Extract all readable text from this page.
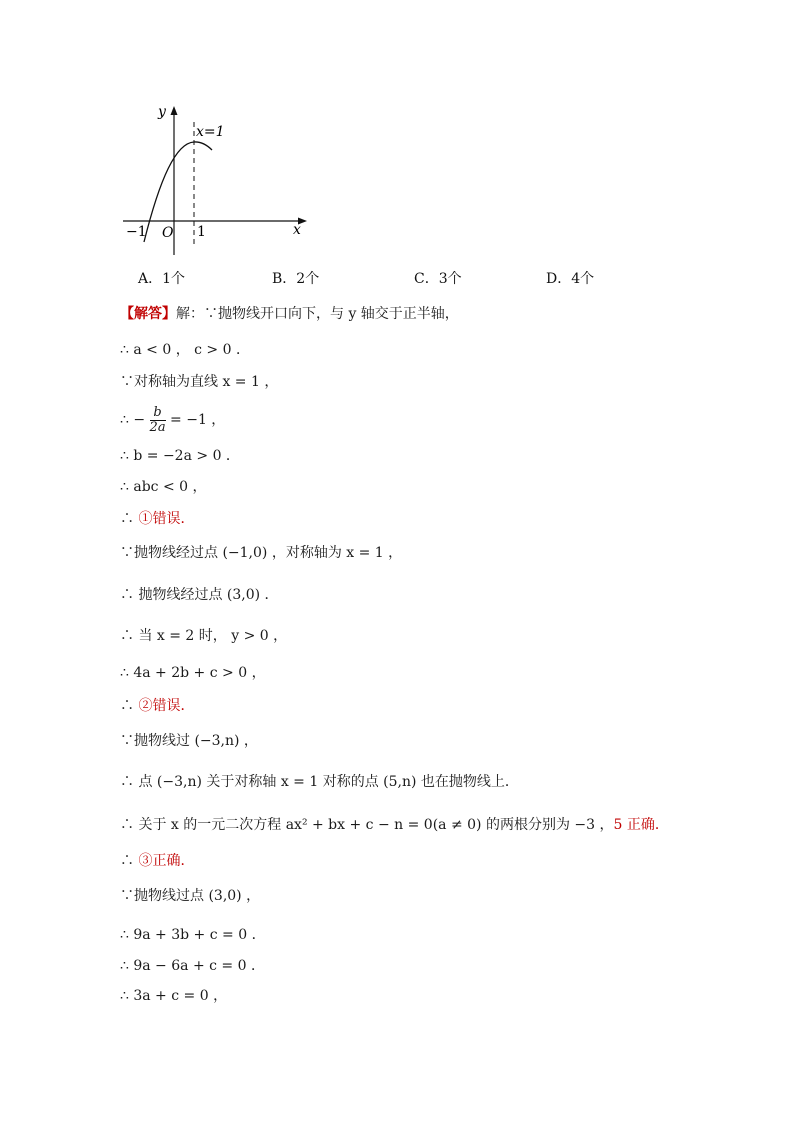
y
x
x=1
O
−1	1
A．1个	B．2个	C．3个	D．4个
【解答】解：∵抛物线开口向下，与 y 轴交于正半轴，
∴ a < 0 ， c > 0 ．
∵对称轴为直线 x = 1 ，
∴ − $\frac{b}{2a} = -1$ ，
∴ b = −2a > 0 ．
∴ abc < 0 ，
∴ ①错误．
∵抛物线经过点 (−1,0) ，对称轴为 x = 1 ，
∴ 抛物线经过点 (3,0) ．
∴ 当 x = 2 时， y > 0 ，
∴ 4a + 2b + c > 0 ，
∴ ②错误．
∵抛物线过 (−3,n) ，
∴ 点 (−3,n) 关于对称轴 x = 1 对称的点 (5,n) 也在抛物线上．
∴ 关于 x 的一元二次方程 ax² + bx + c − n = 0(a ≠ 0) 的两根分别为 −3 ，5 正确．
∴ ③正确．
∵抛物线过点 (3,0) ，
∴ 9a + 3b + c = 0 ．
∴ 9a − 6a + c = 0 ．
∴ 3a + c = 0 ，
